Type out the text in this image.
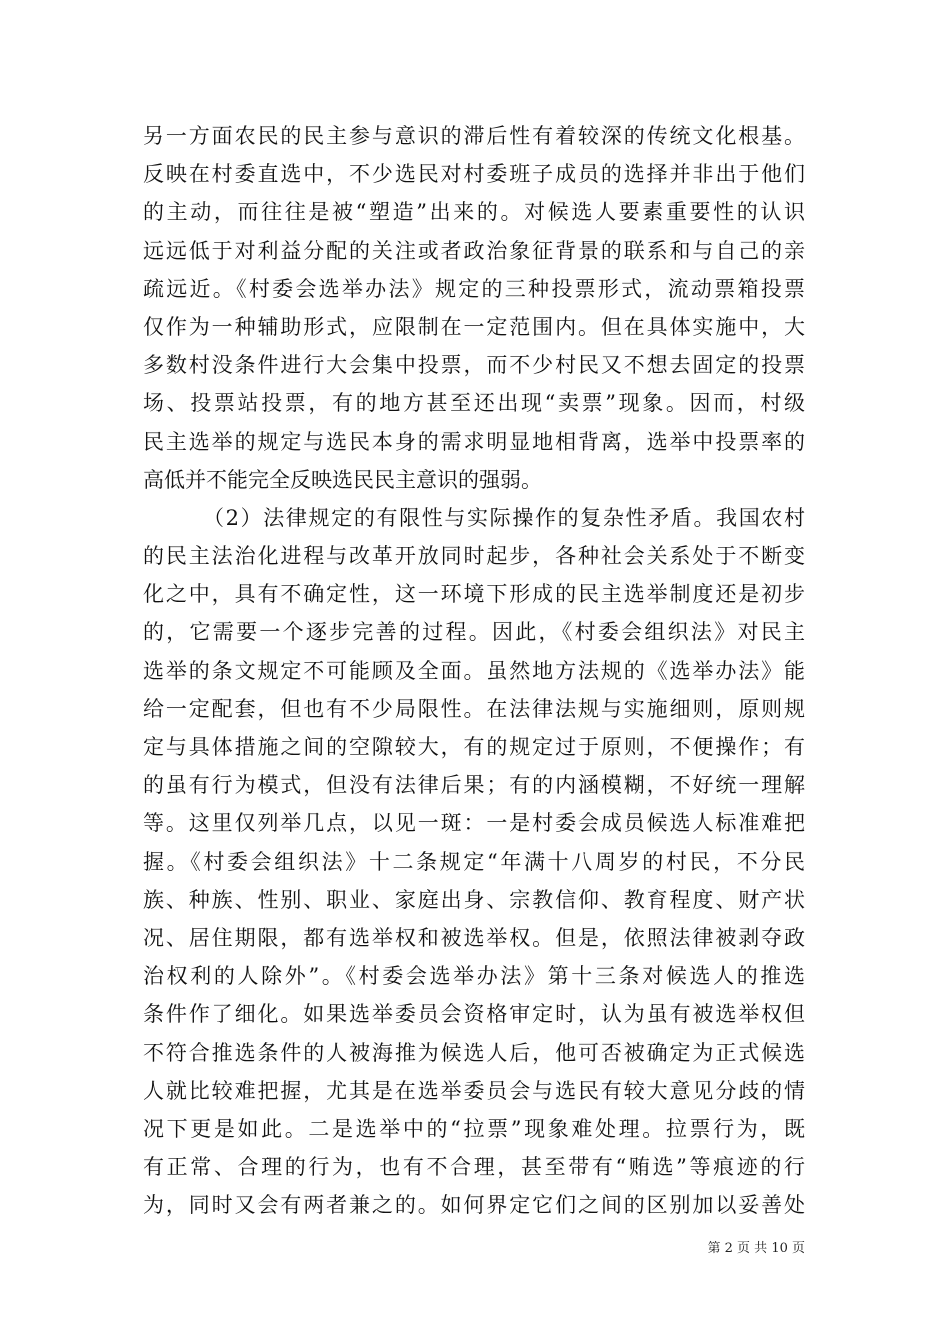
另一方面农民的民主参与意识的滞后性有着较深的传统文化根基。
反映在村委直选中，不少选民对村委班子成员的选择并非出于他们
的主动，而往往是被“塑造”出来的。对候选人要素重要性的认识
远远低于对利益分配的关注或者政治象征背景的联系和与自己的亲
疏远近。《村委会选举办法》规定的三种投票形式，流动票箱投票
仅作为一种辅助形式，应限制在一定范围内。但在具体实施中，大
多数村没条件进行大会集中投票，而不少村民又不想去固定的投票
场、投票站投票，有的地方甚至还出现“卖票”现象。因而，村级
民主选举的规定与选民本身的需求明显地相背离，选举中投票率的
高低并不能完全反映选民民主意识的强弱。
（2）法律规定的有限性与实际操作的复杂性矛盾。我国农村
的民主法治化进程与改革开放同时起步，各种社会关系处于不断变
化之中，具有不确定性，这一环境下形成的民主选举制度还是初步
的，它需要一个逐步完善的过程。因此，《村委会组织法》对民主
选举的条文规定不可能顾及全面。虽然地方法规的《选举办法》能
给一定配套，但也有不少局限性。在法律法规与实施细则，原则规
定与具体措施之间的空隙较大，有的规定过于原则，不便操作；有
的虽有行为模式，但没有法律后果；有的内涵模糊，不好统一理解
等。这里仅列举几点，以见一斑：一是村委会成员候选人标准难把
握。《村委会组织法》十二条规定“年满十八周岁的村民，不分民
族、种族、性别、职业、家庭出身、宗教信仰、教育程度、财产状
况、居住期限，都有选举权和被选举权。但是，依照法律被剥夺政
治权利的人除外”。《村委会选举办法》第十三条对候选人的推选
条件作了细化。如果选举委员会资格审定时，认为虽有被选举权但
不符合推选条件的人被海推为候选人后，他可否被确定为正式候选
人就比较难把握，尤其是在选举委员会与选民有较大意见分歧的情
况下更是如此。二是选举中的“拉票”现象难处理。拉票行为，既
有正常、合理的行为，也有不合理，甚至带有“贿选”等痕迹的行
为，同时又会有两者兼之的。如何界定它们之间的区别加以妥善处
第 2 页 共 10 页
